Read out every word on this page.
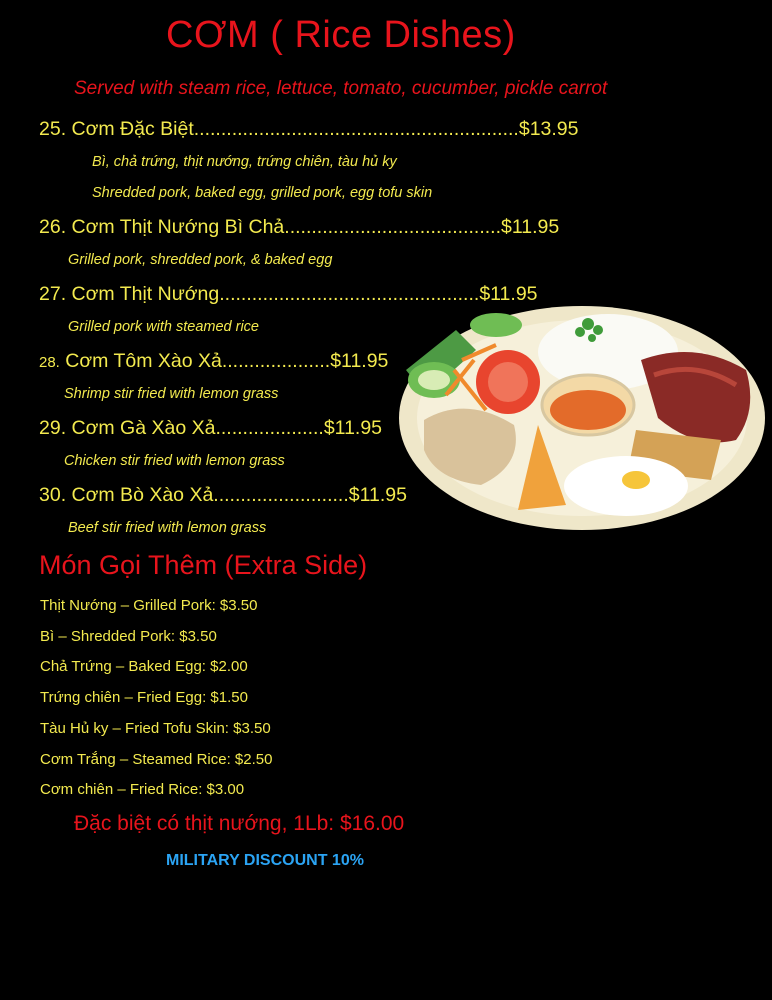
CƠM ( Rice Dishes)
Served with steam rice, lettuce, tomato, cucumber, pickle carrot
25. Cơm Đặc Biệt............................................................$13.95
Bì, chả trứng, thịt nướng, trứng chiên, tàu hủ ky
Shredded pork, baked egg, grilled pork, egg tofu skin
26. Cơm Thịt Nướng Bì Chả........................................$11.95
Grilled pork, shredded pork, & baked egg
27. Cơm Thịt Nướng................................................$11.95
Grilled pork with steamed rice
28. Cơm Tôm Xào Xả....................$11.95
Shrimp stir fried with lemon grass
29. Cơm Gà Xào Xả....................$11.95
Chicken stir fried with lemon grass
30. Cơm Bò Xào Xả.........................$11.95
Beef stir fried with lemon grass
Món Gọi Thêm (Extra Side)
Thịt Nướng – Grilled Pork: $3.50
Bì – Shredded Pork: $3.50
Chả Trứng – Baked Egg: $2.00
Trứng chiên – Fried Egg: $1.50
Tàu Hủ ky – Fried Tofu Skin: $3.50
Cơm Trắng – Steamed Rice: $2.50
Cơm chiên – Fried Rice: $3.00
Đặc biệt có thịt nướng, 1Lb: $16.00
MILITARY DISCOUNT 10%
